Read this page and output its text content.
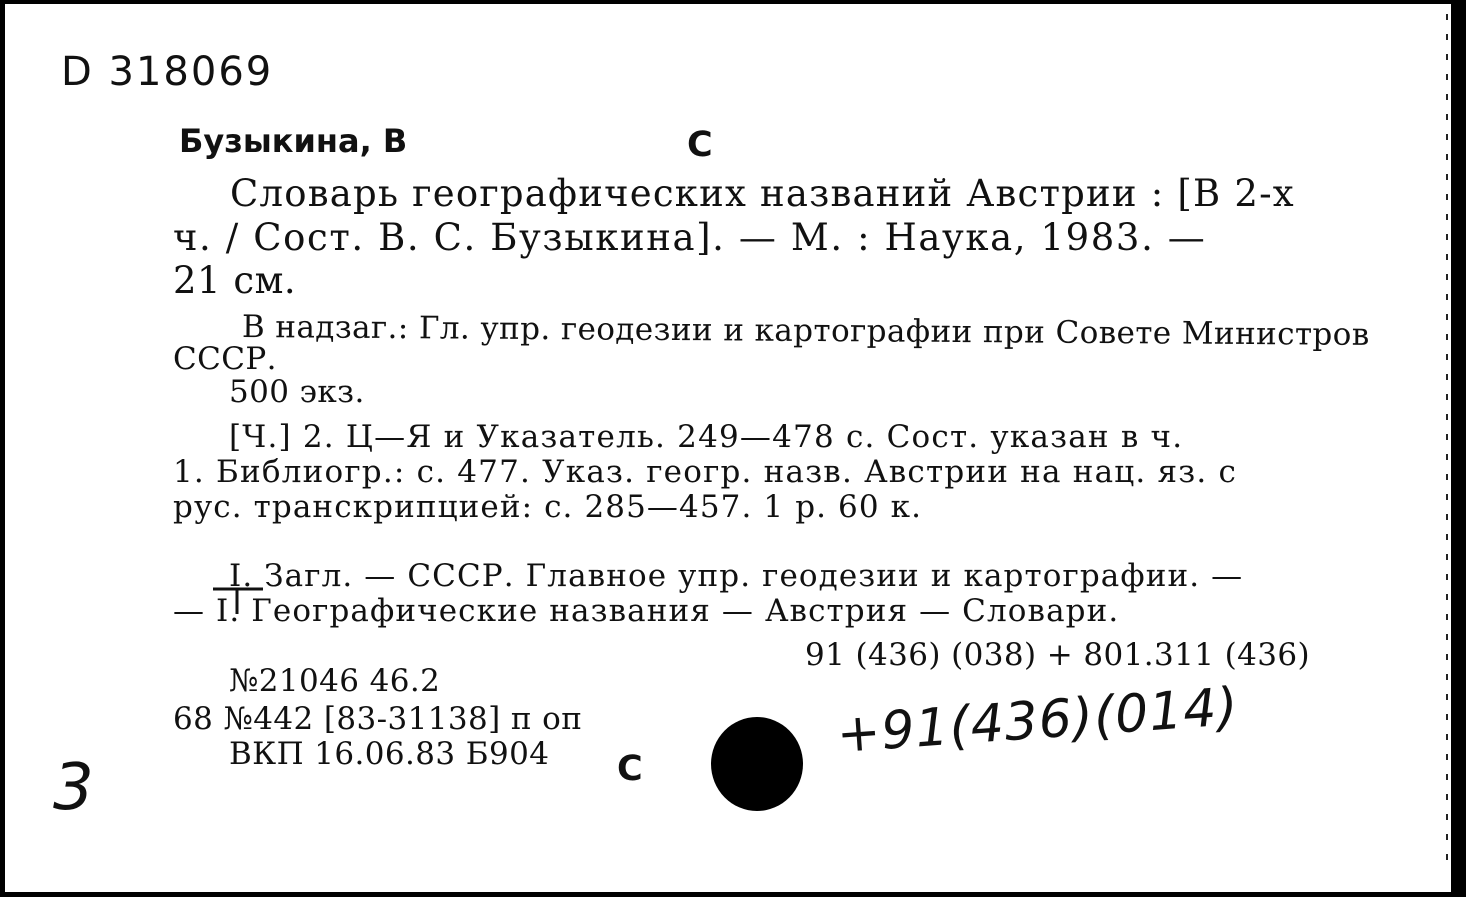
D 318069
Бузыкина, В	С
Словарь географических названий Австрии : [В 2-х
ч. / Сост. В. С. Бузыкина]. — М. : Наука, 1983. —
21 см.
В надзаг.: Гл. упр. геодезии и картографии при Совете Министров
СССР.
500 экз.
[Ч.] 2. Ц—Я и Указатель. 249—478 с. Сост. указан в ч.
1. Библиогр.: с. 477. Указ. геогр. назв. Австрии на нац. яз. с
рус. транскрипцией: с. 285—457. 1 р. 60 к.
I. Загл. — СССР. Главное упр. геодезии и картографии. —
— I. Географические названия — Австрия — Словари.
91 (436) (038) + 801.311 (436)
№21046 46.2
68 №442 [83-31138] п оп
ВКП 16.06.83 Б904 С
+91(436)(014)
3
